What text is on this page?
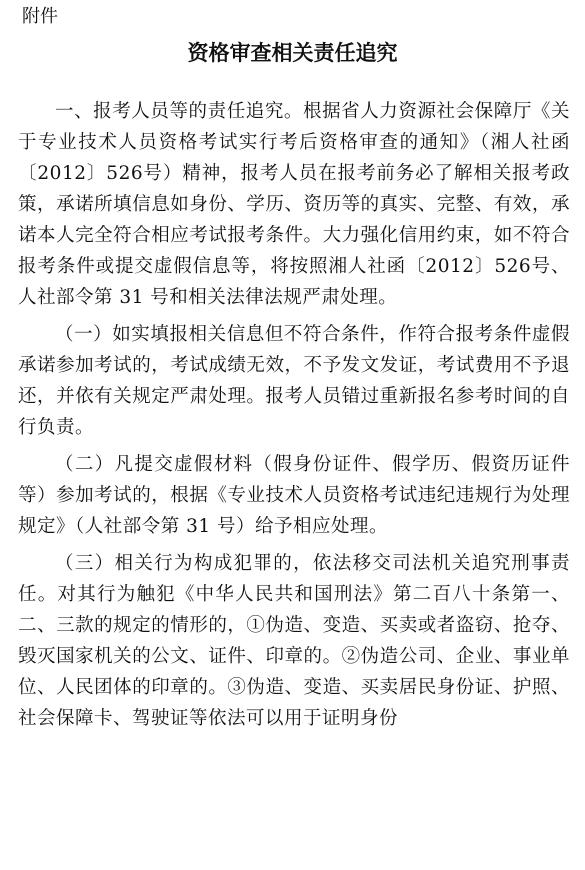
附件

资格审查相关责任追究

一、报考人员等的责任追究。根据省人力资源社会保障厅《关于专业技术人员资格考试实行考后资格审查的通知》（湘人社函〔2012〕526号）精神，报考人员在报考前务必了解相关报考政策，承诺所填信息如身份、学历、资历等的真实、完整、有效，承诺本人完全符合相应考试报考条件。大力强化信用约束，如不符合报考条件或提交虚假信息等，将按照湘人社函〔2012〕526号、人社部令第 31 号和相关法律法规严肃处理。

（一）如实填报相关信息但不符合条件，作符合报考条件虚假承诺参加考试的，考试成绩无效，不予发文发证，考试费用不予退还，并依有关规定严肃处理。报考人员错过重新报名参考时间的自行负责。

（二）凡提交虚假材料（假身份证件、假学历、假资历证件等）参加考试的，根据《专业技术人员资格考试违纪违规行为处理规定》（人社部令第 31 号）给予相应处理。

（三）相关行为构成犯罪的，依法移交司法机关追究刑事责任。对其行为触犯《中华人民共和国刑法》第二百八十条第一、二、三款的规定的情形的，①伪造、变造、买卖或者盗窃、抢夺、毁灭国家机关的公文、证件、印章的。②伪造公司、企业、事业单位、人民团体的印章的。③伪造、变造、买卖居民身份证、护照、社会保障卡、驾驶证等依法可以用于证明身份
